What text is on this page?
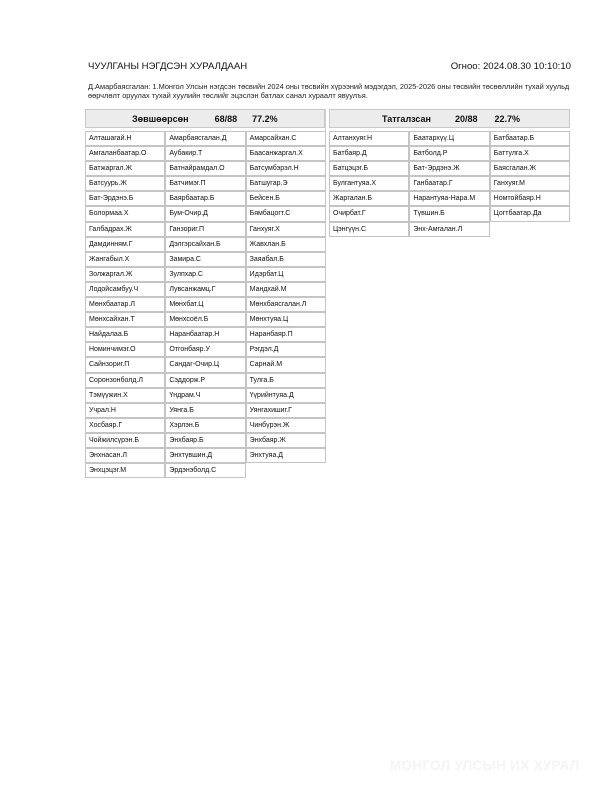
ЧУУЛГАНЫ НЭГДСЭН ХУРАЛДААН	Огноо: 2024.08.30 10:10:10

Д.Амарбаясгалан: 1.Монгол Улсын нэгдсэн төсвийн 2024 оны төсвийн хүрээний мэдэгдэл, 2025-2026 оны төсвийн төсөөллийн тухай хуульд өөрчлөлт оруулах тухай хуулийн төслийг эцэслэн батлах санал хураалт явуулъя.

Зөвшөөрсөн	68/88 77.2%
Алташагай.Н	Амарбаясгалан.Д	Амарсайхан.С
Амгаланбаатар.О	Аубакир.Т	Баасанжаргал.Х
Батжаргал.Ж	Батнайрамдал.О	Батсумбэрэл.Н
Батсуурь.Ж	Батчимэг.П	Батшугар.Э
Бат-Эрдэнэ.Б	Баярбаатар.Б	Бейсен.Б
Болормаа.Х	Бум-Очир.Д	Бямбацогт.С
Галбадрах.Ж	Ганзориг.П	Ганхуяг.Х
Дамдинням.Г	Дэлгэрсайхан.Б	Жавхлан.Б
Жангабыл.Х	Замира.С	Заяабал.Б
Золжаргал.Ж	Зулпхар.С	Идэрбат.Ц
Лодойсамбуу.Ч	Лувсанжамц.Г	Мандхай.М
Мөнхбаатар.Л	Мөнхбат.Ц	Мөнхбаясгалан.Л
Мөнхсайхан.Т	Мөнхсоёл.Б	Мөнхтуяа.Ц
Найдалаа.Б	Наранбаатар.Н	Наранбаяр.П
Номинчимэг.О	Отгонбаяр.У	Рэгдэл.Д
Сайнзориг.П	Сандаг-Очир.Ц	Сарнай.М
Соронзонболд.Л	Сэддорж.Р	Тулга.Б
Тэмүүжин.Х	Үндрам.Ч	Үүрийнтуяа.Д
Учрал.Н	Уянга.Б	Уянгахишиг.Г
Хосбаяр.Г	Хэрлэн.Б	Чинбүрэн.Ж
Чойжилсүрэн.Б	Энхбаяр.Б	Энхбаяр.Ж
Энхнасан.Л	Энхтүвшин.Д	Энхтуяа.Д
Энхцэцэг.М	Эрдэнэболд.С
Татгалзсан	20/88 22.7%
Алтанхуяг.Н	Баатархүү.Ц	Батбаатар.Б
Батбаяр.Д	Батболд.Р	Баттулга.Х
Батцэцэг.Б	Бат-Эрдэнэ.Ж	Баясгалан.Ж
Булгантуяа.Х	Ганбаатар.Г	Ганхуяг.М
Жаргалан.Б	Нарантуяа-Нара.М	Номтойбаяр.Н
Очирбат.Г	Түвшин.Б	Цогтбаатар.Да
Цэнгүүн.С	Энх-Амгалан.Л
МОНГОЛ УЛСЫН ИХ ХУРАЛ
